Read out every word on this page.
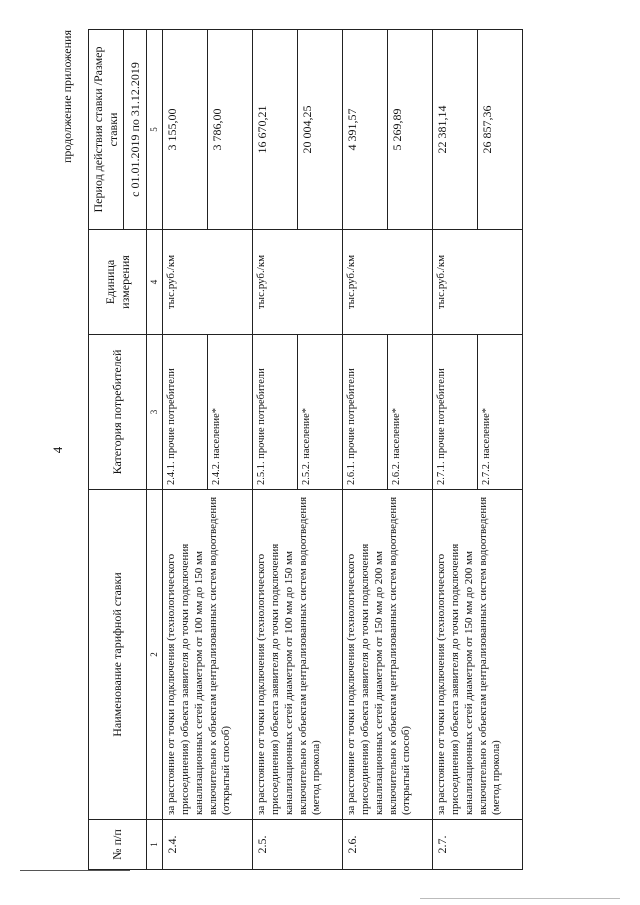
4
продолжение приложения
№ п/п	Наименование тарифной ставки	Категория потребителей	Единица измерения	Период действия ставки /Размер ставки
				с 01.01.2019 по 31.12.2019
1	2	3	4	5
2.4.	за расстояние от точки подключения (технологического присоединения) объекта заявителя до точки подключения канализационных сетей диаметром от 100 мм до 150 мм включительно к объектам централизованных систем водоотведения (открытый способ)	2.4.1. прочие потребители	тыс.руб./км	3 155,00
		2.4.2. население*		3 786,00
2.5.	за расстояние от точки подключения (технологического присоединения) объекта заявителя до точки подключения канализационных сетей диаметром от 100 мм до 150 мм включительно к объектам централизованных систем водоотведения (метод прокола)	2.5.1. прочие потребители	тыс.руб./км	16 670,21
		2.5.2. население*		20 004,25
2.6.	за расстояние от точки подключения (технологического присоединения) объекта заявителя до точки подключения канализационных сетей диаметром от 150 мм до 200 мм включительно к объектам централизованных систем водоотведения (открытый способ)	2.6.1. прочие потребители	тыс.руб./км	4 391,57
		2.6.2. население*		5 269,89
2.7.	за расстояние от точки подключения (технологического присоединения) объекта заявителя до точки подключения канализационных сетей диаметром от 150 мм до 200 мм включительно к объектам централизованных систем водоотведения (метод прокола)	2.7.1. прочие потребители	тыс.руб./км	22 381,14
		2.7.2. население*		26 857,36
